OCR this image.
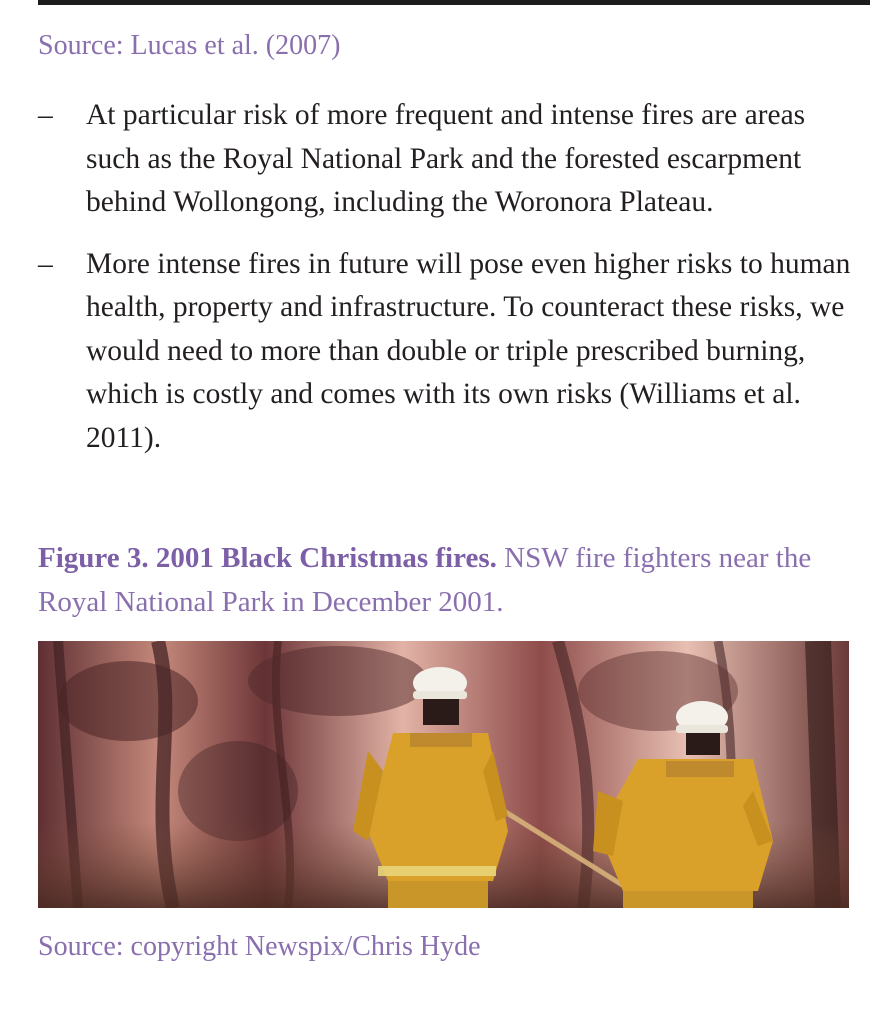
Source: Lucas et al. (2007)
–	At particular risk of more frequent and intense fires are areas such as the Royal National Park and the forested escarpment behind Wollongong, including the Woronora Plateau.
–	More intense fires in future will pose even higher risks to human health, property and infrastructure. To counteract these risks, we would need to more than double or triple prescribed burning, which is costly and comes with its own risks (Williams et al. 2011).
Figure 3. 2001 Black Christmas fires. NSW fire fighters near the Royal National Park in December 2001.
Source: copyright Newspix/Chris Hyde
